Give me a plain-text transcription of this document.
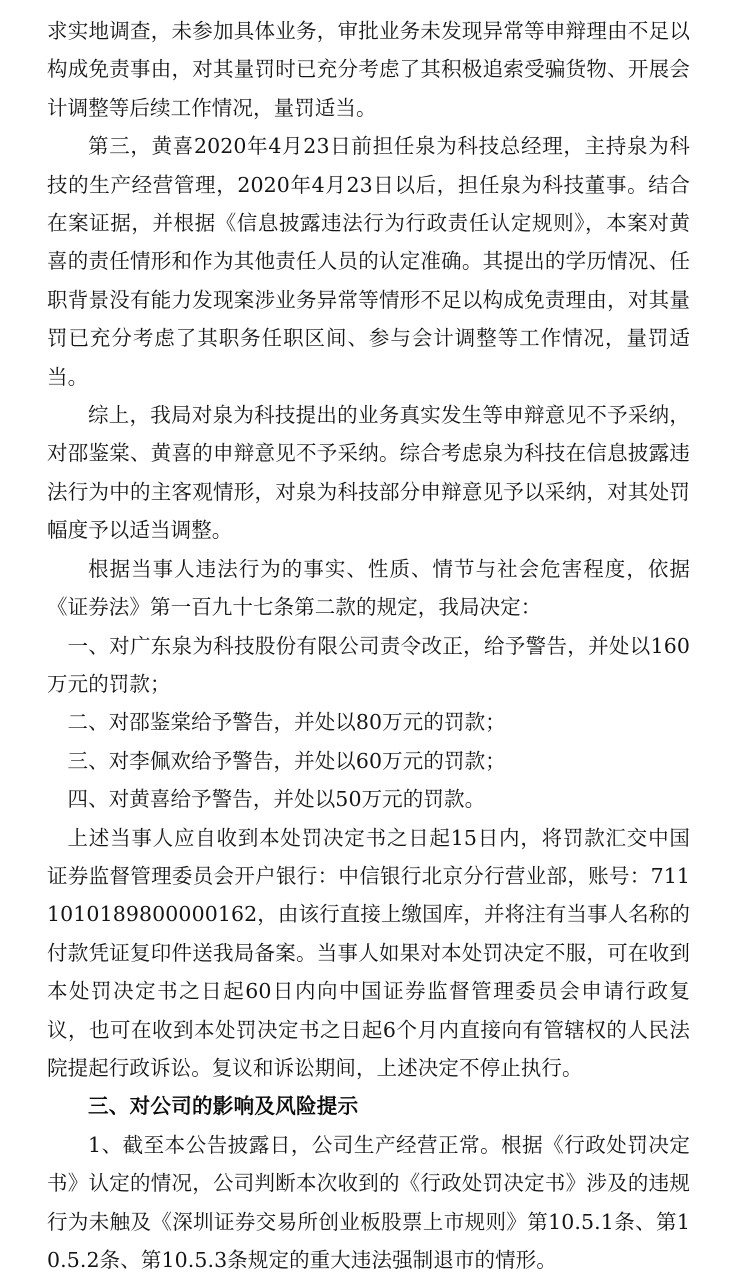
求实地调查，未参加具体业务，审批业务未发现异常等申辩理由不足以构成免责事由，对其量罚时已充分考虑了其积极追索受骗货物、开展会计调整等后续工作情况，量罚适当。

第三，黄喜2020年4月23日前担任泉为科技总经理，主持泉为科技的生产经营管理，2020年4月23日以后，担任泉为科技董事。结合在案证据，并根据《信息披露违法行为行政责任认定规则》，本案对黄喜的责任情形和作为其他责任人员的认定准确。其提出的学历情况、任职背景没有能力发现案涉业务异常等情形不足以构成免责理由，对其量罚已充分考虑了其职务任职区间、参与会计调整等工作情况，量罚适当。

综上，我局对泉为科技提出的业务真实发生等申辩意见不予采纳，对邵鉴棠、黄喜的申辩意见不予采纳。综合考虑泉为科技在信息披露违法行为中的主客观情形，对泉为科技部分申辩意见予以采纳，对其处罚幅度予以适当调整。

根据当事人违法行为的事实、性质、情节与社会危害程度，依据《证券法》第一百九十七条第二款的规定，我局决定：

一、对广东泉为科技股份有限公司责令改正，给予警告，并处以160万元的罚款；

二、对邵鉴棠给予警告，并处以80万元的罚款；

三、对李佩欢给予警告，并处以60万元的罚款；

四、对黄喜给予警告，并处以50万元的罚款。

上述当事人应自收到本处罚决定书之日起15日内，将罚款汇交中国证券监督管理委员会开户银行：中信银行北京分行营业部，账号：7111010189800000162，由该行直接上缴国库，并将注有当事人名称的付款凭证复印件送我局备案。当事人如果对本处罚决定不服，可在收到本处罚决定书之日起60日内向中国证券监督管理委员会申请行政复议，也可在收到本处罚决定书之日起6个月内直接向有管辖权的人民法院提起行政诉讼。复议和诉讼期间，上述决定不停止执行。

三、对公司的影响及风险提示

1、截至本公告披露日，公司生产经营正常。根据《行政处罚决定书》认定的情况，公司判断本次收到的《行政处罚决定书》涉及的违规行为未触及《深圳证券交易所创业板股票上市规则》第10.5.1条、第10.5.2条、第10.5.3条规定的重大违法强制退市的情形。
